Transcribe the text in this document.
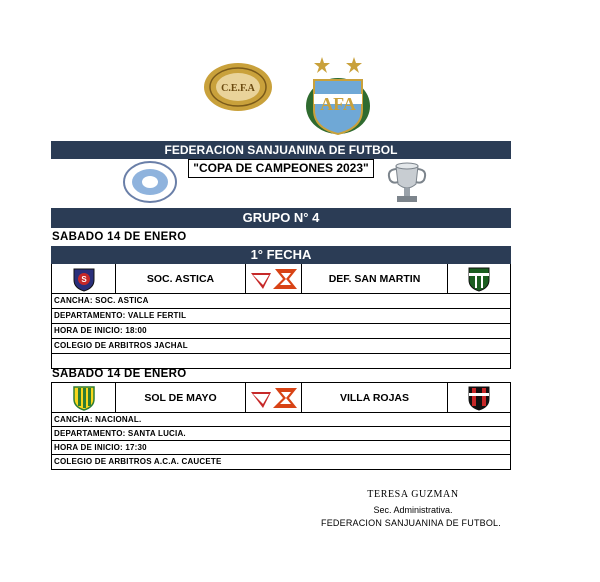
C.E.F.A
AFA
FEDERACION SANJUANINA DE FUTBOL
"COPA DE CAMPEONES 2023"
GRUPO N° 4
SABADO 14 DE ENERO
1° FECHA
S	SOC. ASTICA	DEF. SAN MARTIN
CANCHA: SOC. ASTICA
DEPARTAMENTO: VALLE FERTIL
HORA DE INICIO: 18:00
COLEGIO DE ARBITROS JACHAL
SABADO 14 DE ENERO
SOL DE MAYO	VILLA ROJAS
CANCHA: NACIONAL.
DEPARTAMENTO: SANTA LUCIA.
HORA DE INICIO: 17:30
COLEGIO DE ARBITROS A.C.A. CAUCETE
TERESA GUZMAN
Sec. Administrativa.
FEDERACION SANJUANINA DE FUTBOL.
